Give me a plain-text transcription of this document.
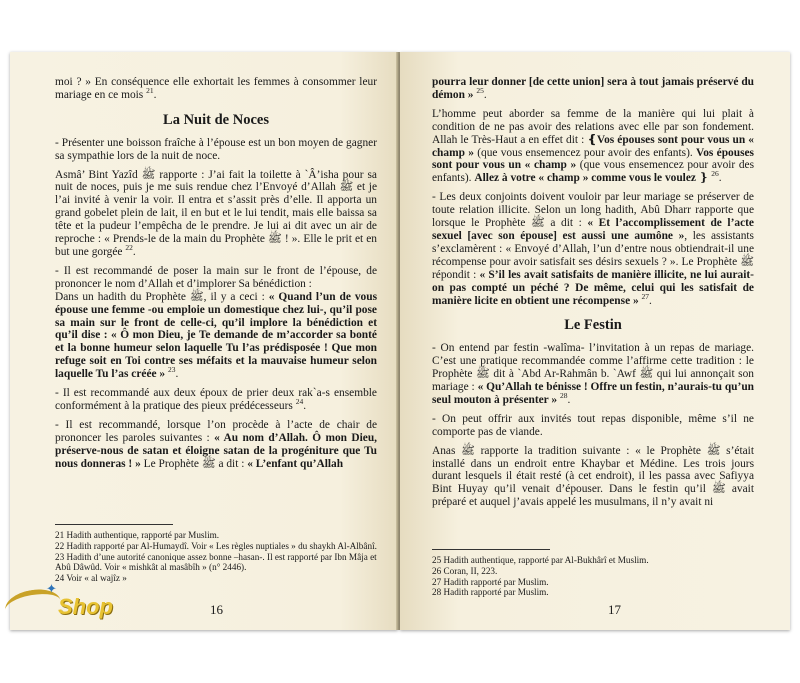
moi ? » En conséquence elle exhortait les femmes à consommer leur mariage en ce mois $^{21}$.

La Nuit de Noces

- Présenter une boisson fraîche à l’épouse est un bon moyen de gagner sa sympathie lors de la nuit de noce.

Asmâ’ Bint Yazîd ﷺ rapporte : J’ai fait la toilette à `Â’isha pour sa nuit de noces, puis je me suis rendue chez l’Envoyé d’Allah ﷺ et je l’ai invité à venir la voir. Il entra et s’assit près d’elle. Il apporta un grand gobelet plein de lait, il en but et le lui tendit, mais elle baissa sa tête et la pudeur l’empêcha de le prendre. Je lui ai dit avec un air de reproche : « Prends-le de la main du Prophète ﷺ ! ». Elle le prit et en but une gorgée $^{22}$.

- Il est recommandé de poser la main sur le front de l’épouse, de prononcer le nom d’Allah et d’implorer Sa bénédiction :
Dans un hadith du Prophète ﷺ, il y a ceci : « Quand l’un de vous épouse une femme -ou emploie un domestique chez lui-, qu’il pose sa main sur le front de celle-ci, qu’il implore la bénédiction et qu’il dise : « Ô mon Dieu, je Te demande de m’accorder sa bonté et la bonne humeur selon laquelle Tu l’as prédisposée ! Que mon refuge soit en Toi contre ses méfaits et la mauvaise humeur selon laquelle Tu l’as créée » $^{23}$.

- Il est recommandé aux deux époux de prier deux rak`a-s ensemble conformément à la pratique des pieux prédécesseurs $^{24}$.

- Il est recommandé, lorsque l’on procède à l’acte de chair de prononcer les paroles suivantes : « Au nom d’Allah. Ô mon Dieu, préserve-nous de satan et éloigne satan de la progéniture que Tu nous donneras ! » Le Prophète ﷺ a dit : « L’enfant qu’Allah

21 Hadith authentique, rapporté par Muslim.
22 Hadith rapporté par Al-Humaydî. Voir « Les règles nuptiales » du shaykh Al-Albânî.
23 Hadith d’une autorité canonique assez bonne –hasan-. Il est rapporté par Ibn Mâja et Abû Dâwûd. Voir « mishkât al masâbîh » (n° 2446).
24 Voir « al wajîz »
16

pourra leur donner [de cette union] sera à tout jamais préservé du démon » $^{25}$.

L’homme peut aborder sa femme de la manière qui lui plait à condition de ne pas avoir des relations avec elle par son fondement. Allah le Très-Haut a en effet dit : ❴Vos épouses sont pour vous un « champ » (que vous ensemencez pour avoir des enfants). Vos épouses sont pour vous un « champ » (que vous ensemencez pour avoir des enfants). Allez à votre « champ » comme vous le voulez ❵ $^{26}$.

- Les deux conjoints doivent vouloir par leur mariage se préserver de toute relation illicite. Selon un long hadith, Abû Dharr rapporte que lorsque le Prophète ﷺ a dit : « Et l’accomplissement de l’acte sexuel [avec son épouse] est aussi une aumône », les assistants s’exclamèrent : « Envoyé d’Allah, l’un d’entre nous obtiendrait-il une récompense pour avoir satisfait ses désirs sexuels ? ». Le Prophète ﷺ répondit : « S’il les avait satisfaits de manière illicite, ne lui aurait-on pas compté un péché ? De même, celui qui les satisfait de manière licite en obtient une récompense » $^{27}$.

Le Festin

- On entend par festin -walîma- l’invitation à un repas de mariage. C’est une pratique recommandée comme l’affirme cette tradition : le Prophète ﷺ dit à `Abd Ar-Rahmân b. `Awf ﷺ qui lui annonçait son mariage : « Qu’Allah te bénisse ! Offre un festin, n’aurais-tu qu’un seul mouton à présenter » $^{28}$.

- On peut offrir aux invités tout repas disponible, même s’il ne comporte pas de viande.

Anas ﷺ rapporte la tradition suivante : « le Prophète ﷺ s’était installé dans un endroit entre Khaybar et Médine. Les trois jours durant lesquels il était resté (à cet endroit), il les passa avec Safiyya Bint Huyay qu’il venait d’épouser. Dans le festin qu’il ﷺ avait préparé et auquel j’avais appelé les musulmans, il n’y avait ni

25 Hadith authentique, rapporté par Al-Bukhârî et Muslim.
26 Coran, II, 223.
27 Hadith rapporté par Muslim.
28 Hadith rapporté par Muslim.
17
✦
Shop
